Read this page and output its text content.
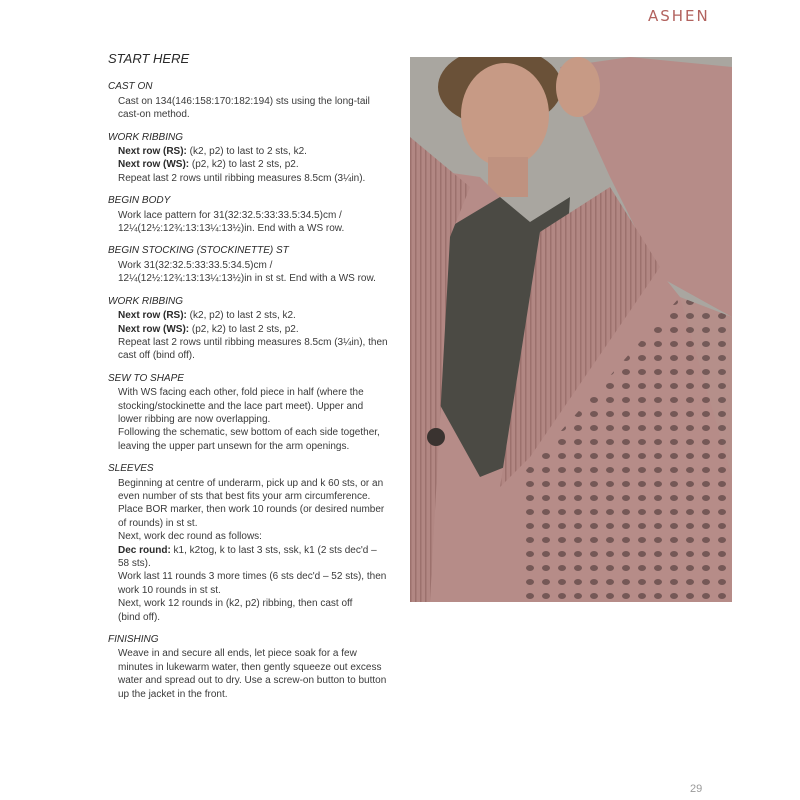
ASHEN
START HERE
CAST ON
Cast on 134(146:158:170:182:194) sts using the long-tail
cast-on method.
WORK RIBBING
Next row (RS): (k2, p2) to last to 2 sts, k2.
Next row (WS): (p2, k2) to last 2 sts, p2.
Repeat last 2 rows until ribbing measures 8.5cm (3¼in).
BEGIN BODY
Work lace pattern for 31(32:32.5:33:33.5:34.5)cm /
12¼(12½:12¾:13:13¼:13½)in. End with a WS row.
BEGIN STOCKING (STOCKINETTE) ST
Work 31(32:32.5:33:33.5:34.5)cm /
12¼(12½:12¾:13:13¼:13½)in in st st. End with a WS row.
WORK RIBBING
Next row (RS): (k2, p2) to last 2 sts, k2.
Next row (WS): (p2, k2) to last 2 sts, p2.
Repeat last 2 rows until ribbing measures 8.5cm (3¼in), then
cast off (bind off).
SEW TO SHAPE
With WS facing each other, fold piece in half (where the
stocking/stockinette and the lace part meet). Upper and
lower ribbing are now overlapping.
Following the schematic, sew bottom of each side together,
leaving the upper part unsewn for the arm openings.
SLEEVES
Beginning at centre of underarm, pick up and k 60 sts, or an
even number of sts that best fits your arm circumference.
Place BOR marker, then work 10 rounds (or desired number
of rounds) in st st.
Next, work dec round as follows:
Dec round: k1, k2tog, k to last 3 sts, ssk, k1 (2 sts dec'd –
58 sts).
Work last 11 rounds 3 more times (6 sts dec'd – 52 sts), then
work 10 rounds in st st.
Next, work 12 rounds in (k2, p2) ribbing, then cast off
(bind off).
FINISHING
Weave in and secure all ends, let piece soak for a few
minutes in lukewarm water, then gently squeeze out excess
water and spread out to dry. Use a screw-on button to button
up the jacket in the front.
29
